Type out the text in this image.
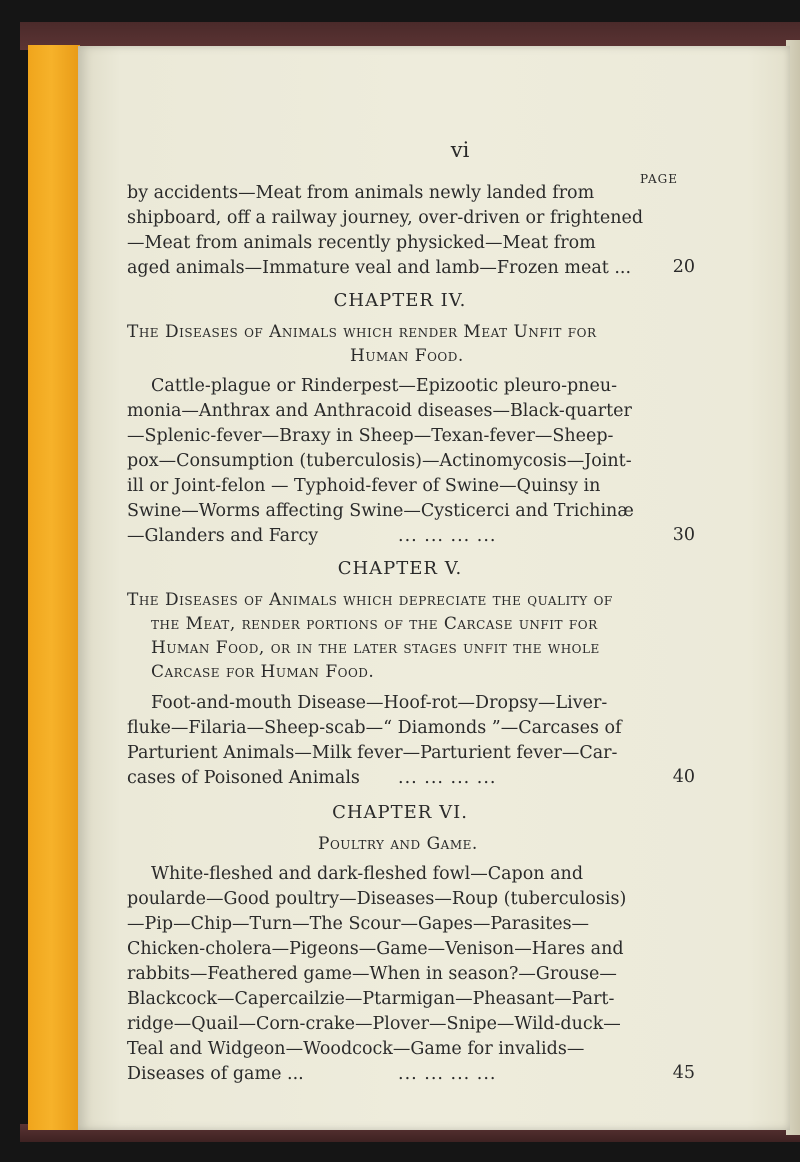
vi
PAGE
by accidents—Meat from animals newly landed from
shipboard, off a railway journey, over-driven or frightened
—Meat from animals recently physicked—Meat from
aged animals—Immature veal and lamb—Frozen meat ...	20
CHAPTER IV.
The Diseases of Animals which render Meat Unfit for
Human Food.
Cattle-plague or Rinderpest—Epizootic pleuro-pneu-
monia—Anthrax and Anthracoid diseases—Black-quarter
—Splenic-fever—Braxy in Sheep—Texan-fever—Sheep-
pox—Consumption (tuberculosis)—Actinomycosis—Joint-
ill or Joint-felon — Typhoid-fever of Swine—Quinsy in
Swine—Worms affecting Swine—Cysticerci and Trichinæ
—Glanders and Farcy	... ... ... ...	30
CHAPTER V.
The Diseases of Animals which depreciate the quality of
the Meat, render portions of the Carcase unfit for
Human Food, or in the later stages unfit the whole
Carcase for Human Food.
Foot-and-mouth Disease—Hoof-rot—Dropsy—Liver-
fluke—Filaria—Sheep-scab—“ Diamonds ”—Carcases of
Parturient Animals—Milk fever—Parturient fever—Car-
cases of Poisoned Animals ... ... ... ...	40
CHAPTER VI.
Poultry and Game.
White-fleshed and dark-fleshed fowl—Capon and
poularde—Good poultry—Diseases—Roup (tuberculosis)
—Pip—Chip—Turn—The Scour—Gapes—Parasites—
Chicken-cholera—Pigeons—Game—Venison—Hares and
rabbits—Feathered game—When in season?—Grouse—
Blackcock—Capercailzie—Ptarmigan—Pheasant—Part-
ridge—Quail—Corn-crake—Plover—Snipe—Wild-duck—
Teal and Widgeon—Woodcock—Game for invalids—
Diseases of game ...	... ... ... ...	45
